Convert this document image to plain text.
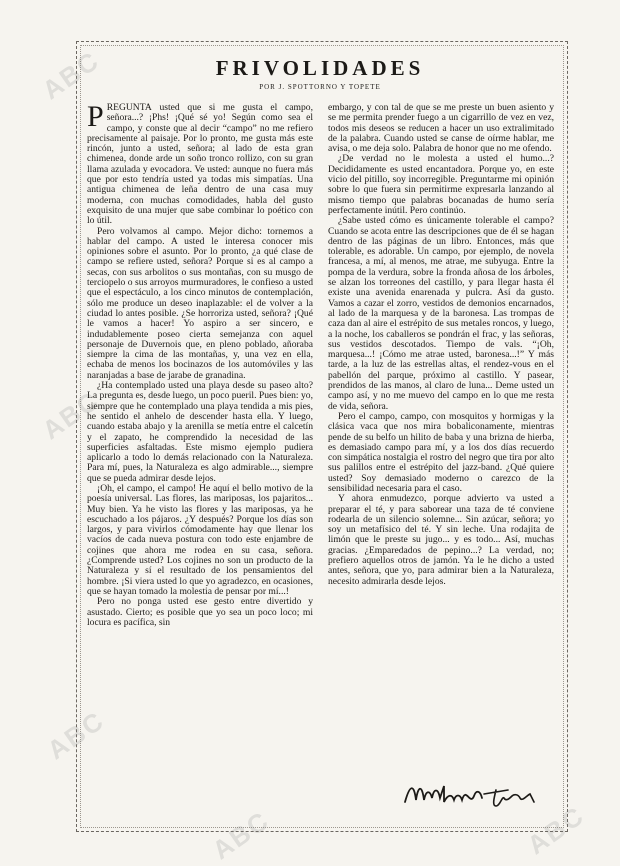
ABC
ABC
ABC
ABC	ABC
FRIVOLIDADES
POR J. SPOTTORNO Y TOPETE

PREGUNTA usted que si me gusta el campo, señora...? ¡Phs! ¡Qué sé yo! Según como sea el campo, y conste que al decir “campo” no me refiero precisamente al paisaje. Por lo pronto, me gusta más este rincón, junto a usted, señora; al lado de esta gran chimenea, donde arde un soño tronco rollizo, con su gran llama azulada y evocadora. Ve usted: aunque no fuera más que por esto tendría usted ya todas mis simpatías. Una antigua chimenea de leña dentro de una casa muy moderna, con muchas comodidades, habla del gusto exquisito de una mujer que sabe combinar lo poético con lo útil.

Pero volvamos al campo. Mejor dicho: tornemos a hablar del campo. A usted le interesa conocer mis opiniones sobre el asunto. Por lo pronto, ¿a qué clase de campo se refiere usted, señora? Porque si es al campo a secas, con sus arbolitos o sus montañas, con su musgo de terciopelo o sus arroyos murmuradores, le confieso a usted que el espectáculo, a los cinco minutos de contemplación, sólo me produce un deseo inaplazable: el de volver a la ciudad lo antes posible. ¿Se horroriza usted, señora? ¡Qué le vamos a hacer! Yo aspiro a ser sincero, e indudablemente poseo cierta semejanza con aquel personaje de Duvernois que, en pleno poblado, añoraba siempre la cima de las montañas, y, una vez en ella, echaba de menos los bocinazos de los automóviles y las naranjadas a base de jarabe de granadina.

¿Ha contemplado usted una playa desde su paseo alto? La pregunta es, desde luego, un poco pueril. Pues bien: yo, siempre que he contemplado una playa tendida a mis pies, he sentido el anhelo de descender hasta ella. Y luego, cuando estaba abajo y la arenilla se metía entre el calcetín y el zapato, he comprendido la necesidad de las superficies asfaltadas. Este mismo ejemplo pudiera aplicarlo a todo lo demás relacionado con la Naturaleza. Para mí, pues, la Naturaleza es algo admirable..., siempre que se pueda admirar desde lejos.

¡Oh, el campo, el campo! He aquí el bello motivo de la poesía universal. Las flores, las mariposas, los pajaritos... Muy bien. Ya he visto las flores y las mariposas, ya he escuchado a los pájaros. ¿Y después? Porque los días son largos, y para vivirlos cómodamente hay que llenar los vacíos de cada nueva postura con todo este enjambre de cojines que ahora me rodea en su casa, señora. ¿Comprende usted? Los cojines no son un producto de la Naturaleza y sí el resultado de los pensamientos del hombre. ¡Si viera usted lo que yo agradezco, en ocasiones, que se hayan tomado la molestia de pensar por mí...!

Pero no ponga usted ese gesto entre divertido y asustado. Cierto; es posible que yo sea un poco loco; mi locura es pacífica, sin

embargo, y con tal de que se me preste un buen asiento y se me permita prender fuego a un cigarrillo de vez en vez, todos mis deseos se reducen a hacer un uso extralimitado de la palabra. Cuando usted se canse de oírme hablar, me avisa, o me deja solo. Palabra de honor que no me ofendo.

¿De verdad no le molesta a usted el humo...? Decididamente es usted encantadora. Porque yo, en este vicio del pitillo, soy incorregible. Preguntarme mi opinión sobre lo que fuera sin permitirme expresarla lanzando al mismo tiempo que palabras bocanadas de humo sería perfectamente inútil. Pero continúo.

¿Sabe usted cómo es únicamente tolerable el campo? Cuando se acota entre las descripciones que de él se hagan dentro de las páginas de un libro. Entonces, más que tolerable, es adorable. Un campo, por ejemplo, de novela francesa, a mí, al menos, me atrae, me subyuga. Entre la pompa de la verdura, sobre la fronda añosa de los árboles, se alzan los torreones del castillo, y para llegar hasta él existe una avenida enarenada y pulcra. Así da gusto. Vamos a cazar el zorro, vestidos de demonios encarnados, al lado de la marquesa y de la baronesa. Las trompas de caza dan al aire el estrépito de sus metales roncos, y luego, a la noche, los caballeros se pondrán el frac, y las señoras, sus vestidos descotados. Tiempo de vals. “¡Oh, marquesa...! ¡Cómo me atrae usted, baronesa...!” Y más tarde, a la luz de las estrellas altas, el rendez-vous en el pabellón del parque, próximo al castillo. Y pasear, prendidos de las manos, al claro de luna... Deme usted un campo así, y no me muevo del campo en lo que me resta de vida, señora.

Pero el campo, campo, con mosquitos y hormigas y la clásica vaca que nos mira bobaliconamente, mientras pende de su belfo un hilito de baba y una brizna de hierba, es demasiado campo para mí, y a los dos días recuerdo con simpática nostalgia el rostro del negro que tira por alto sus palillos entre el estrépito del jazz-band. ¿Qué quiere usted? Soy demasiado moderno o carezco de la sensibilidad necesaria para el caso.

Y ahora enmudezco, porque advierto va usted a preparar el té, y para saborear una taza de té conviene rodearla de un silencio solemne... Sin azúcar, señora; yo soy un metafísico del té. Y sin leche. Una rodajita de limón que le preste su jugo... y es todo... Así, muchas gracias. ¿Emparedados de pepino...? La verdad, no; prefiero aquellos otros de jamón. Ya le he dicho a usted antes, señora, que yo, para admirar bien a la Naturaleza, necesito admirarla desde lejos.
